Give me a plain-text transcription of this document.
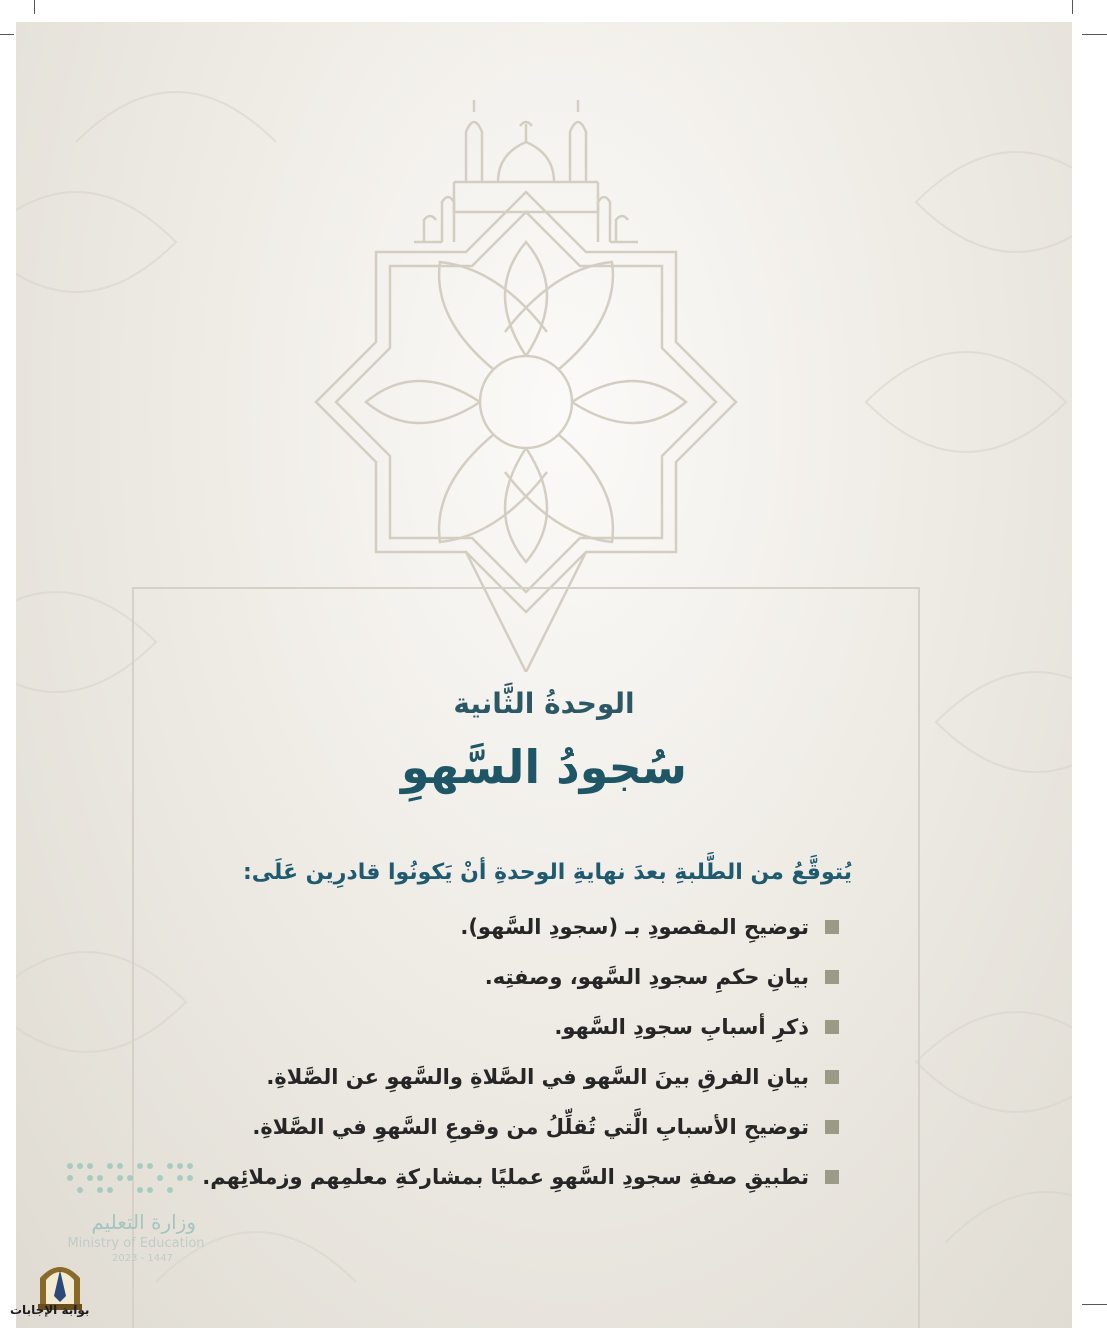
الوحدةُ الثَّانية
سُجودُ السَّهوِ
يُتوقَّعُ من الطَّلبةِ بعدَ نهايةِ الوحدةِ أنْ يَكونُوا قادرِين عَلَى:
توضيحِ المقصودِ بـ (سجودِ السَّهو).
بيانِ حكمِ سجودِ السَّهو، وصفتِه.
ذكرِ أسبابِ سجودِ السَّهو.
بيانِ الفرقِ بينَ السَّهو في الصَّلاةِ والسَّهوِ عن الصَّلاةِ.
توضيحِ الأسبابِ الَّتي تُقلِّلُ من وقوعِ السَّهوِ في الصَّلاةِ.
تطبيقِ صفةِ سجودِ السَّهوِ عمليًا بمشاركةِ معلمِهم وزملائِهم.
وزارة التعليم
Ministry of Education
2023 - 1447
بوابة الإجابات
